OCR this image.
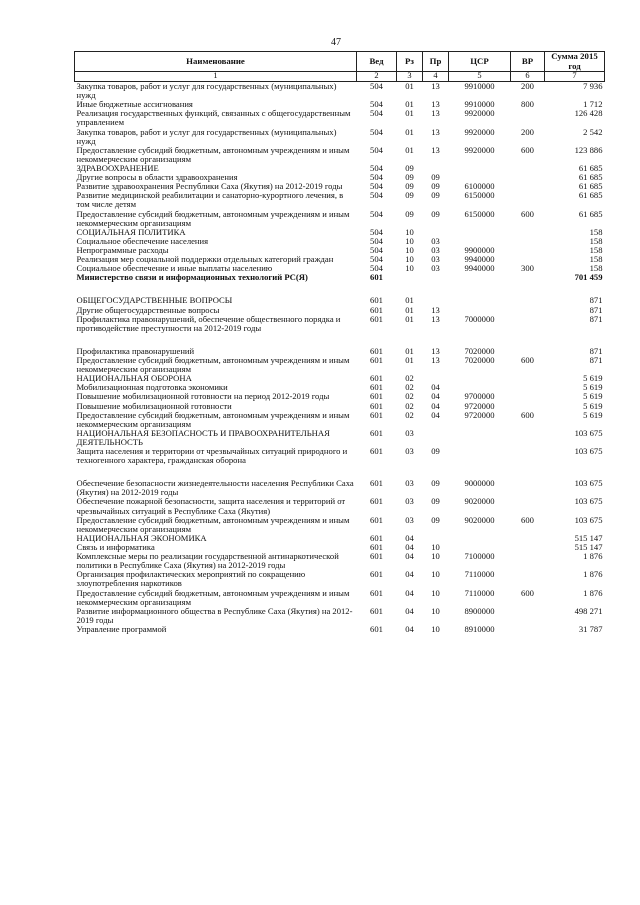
47
Наименование	Вед	Рз	Пр	ЦСР	ВР	Сумма 2015 год
1	2	3	4	5	6	7
Закупка товаров, работ и услуг для государственных (муниципальных) нужд	504	01	13	9910000	200	7 936
Иные бюджетные ассигнования	504	01	13	9910000	800	1 712
Реализация государственных функций, связанных с общегосударственным управлением	504	01	13	9920000		126 428
Закупка товаров, работ и услуг для государственных (муниципальных) нужд	504	01	13	9920000	200	2 542
Предоставление субсидий бюджетным, автономным учреждениям и иным некоммерческим организациям	504	01	13	9920000	600	123 886
ЗДРАВООХРАНЕНИЕ	504	09				61 685
Другие вопросы в области здравоохранения	504	09	09			61 685
Развитие здравоохранения Республики Саха (Якутия) на 2012-2019 годы	504	09	09	6100000		61 685
Развитие медицинской реабилитации и санаторно-курортного лечения, в том числе детям	504	09	09	6150000		61 685
Предоставление субсидий бюджетным, автономным учреждениям и иным некоммерческим организациям	504	09	09	6150000	600	61 685
СОЦИАЛЬНАЯ ПОЛИТИКА	504	10				158
Социальное обеспечение населения	504	10	03			158
Непрограммные расходы	504	10	03	9900000		158
Реализация мер социальной поддержки отдельных категорий граждан	504	10	03	9940000		158
Социальное обеспечение и иные выплаты населению	504	10	03	9940000	300	158
Министерство связи и информационных технологий РС(Я)	601					701 459

ОБЩЕГОСУДАРСТВЕННЫЕ ВОПРОСЫ	601	01				871
Другие общегосударственные вопросы	601	01	13			871
Профилактика правонарушений, обеспечение общественного порядка и противодействие преступности на 2012-2019 годы	601	01	13	7000000		871

Профилактика правонарушений	601	01	13	7020000		871
Предоставление субсидий бюджетным, автономным учреждениям и иным некоммерческим организациям	601	01	13	7020000	600	871
НАЦИОНАЛЬНАЯ ОБОРОНА	601	02				5 619
Мобилизационная подготовка экономики	601	02	04			5 619
Повышение мобилизационной готовности на период 2012-2019 годы	601	02	04	9700000		5 619
Повышение мобилизационной готовности	601	02	04	9720000		5 619
Предоставление субсидий бюджетным, автономным учреждениям и иным некоммерческим организациям	601	02	04	9720000	600	5 619
НАЦИОНАЛЬНАЯ БЕЗОПАСНОСТЬ И ПРАВООХРАНИТЕЛЬНАЯ ДЕЯТЕЛЬНОСТЬ	601	03				103 675
Защита населения и территории от чрезвычайных ситуаций природного и техногенного характера, гражданская оборона	601	03	09			103 675

Обеспечение безопасности жизнедеятельности населения Республики Саха (Якутия) на 2012-2019 годы	601	03	09	9000000		103 675
Обеспечение пожарной безопасности, защита населения и территорий от чрезвычайных ситуаций в Республике Саха (Якутия)	601	03	09	9020000		103 675
Предоставление субсидий бюджетным, автономным учреждениям и иным некоммерческим организациям	601	03	09	9020000	600	103 675
НАЦИОНАЛЬНАЯ ЭКОНОМИКА	601	04				515 147
Связь и информатика	601	04	10			515 147
Комплексные меры по реализации государственной антинаркотической политики в Республике Саха (Якутия) на 2012-2019 годы	601	04	10	7100000		1 876
Организация профилактических мероприятий по сокращению злоупотребления наркотиков	601	04	10	7110000		1 876
Предоставление субсидий бюджетным, автономным учреждениям и иным некоммерческим организациям	601	04	10	7110000	600	1 876
Развитие информационного общества в Республике Саха (Якутия) на 2012-2019 годы	601	04	10	8900000		498 271
Управление программой	601	04	10	8910000		31 787
